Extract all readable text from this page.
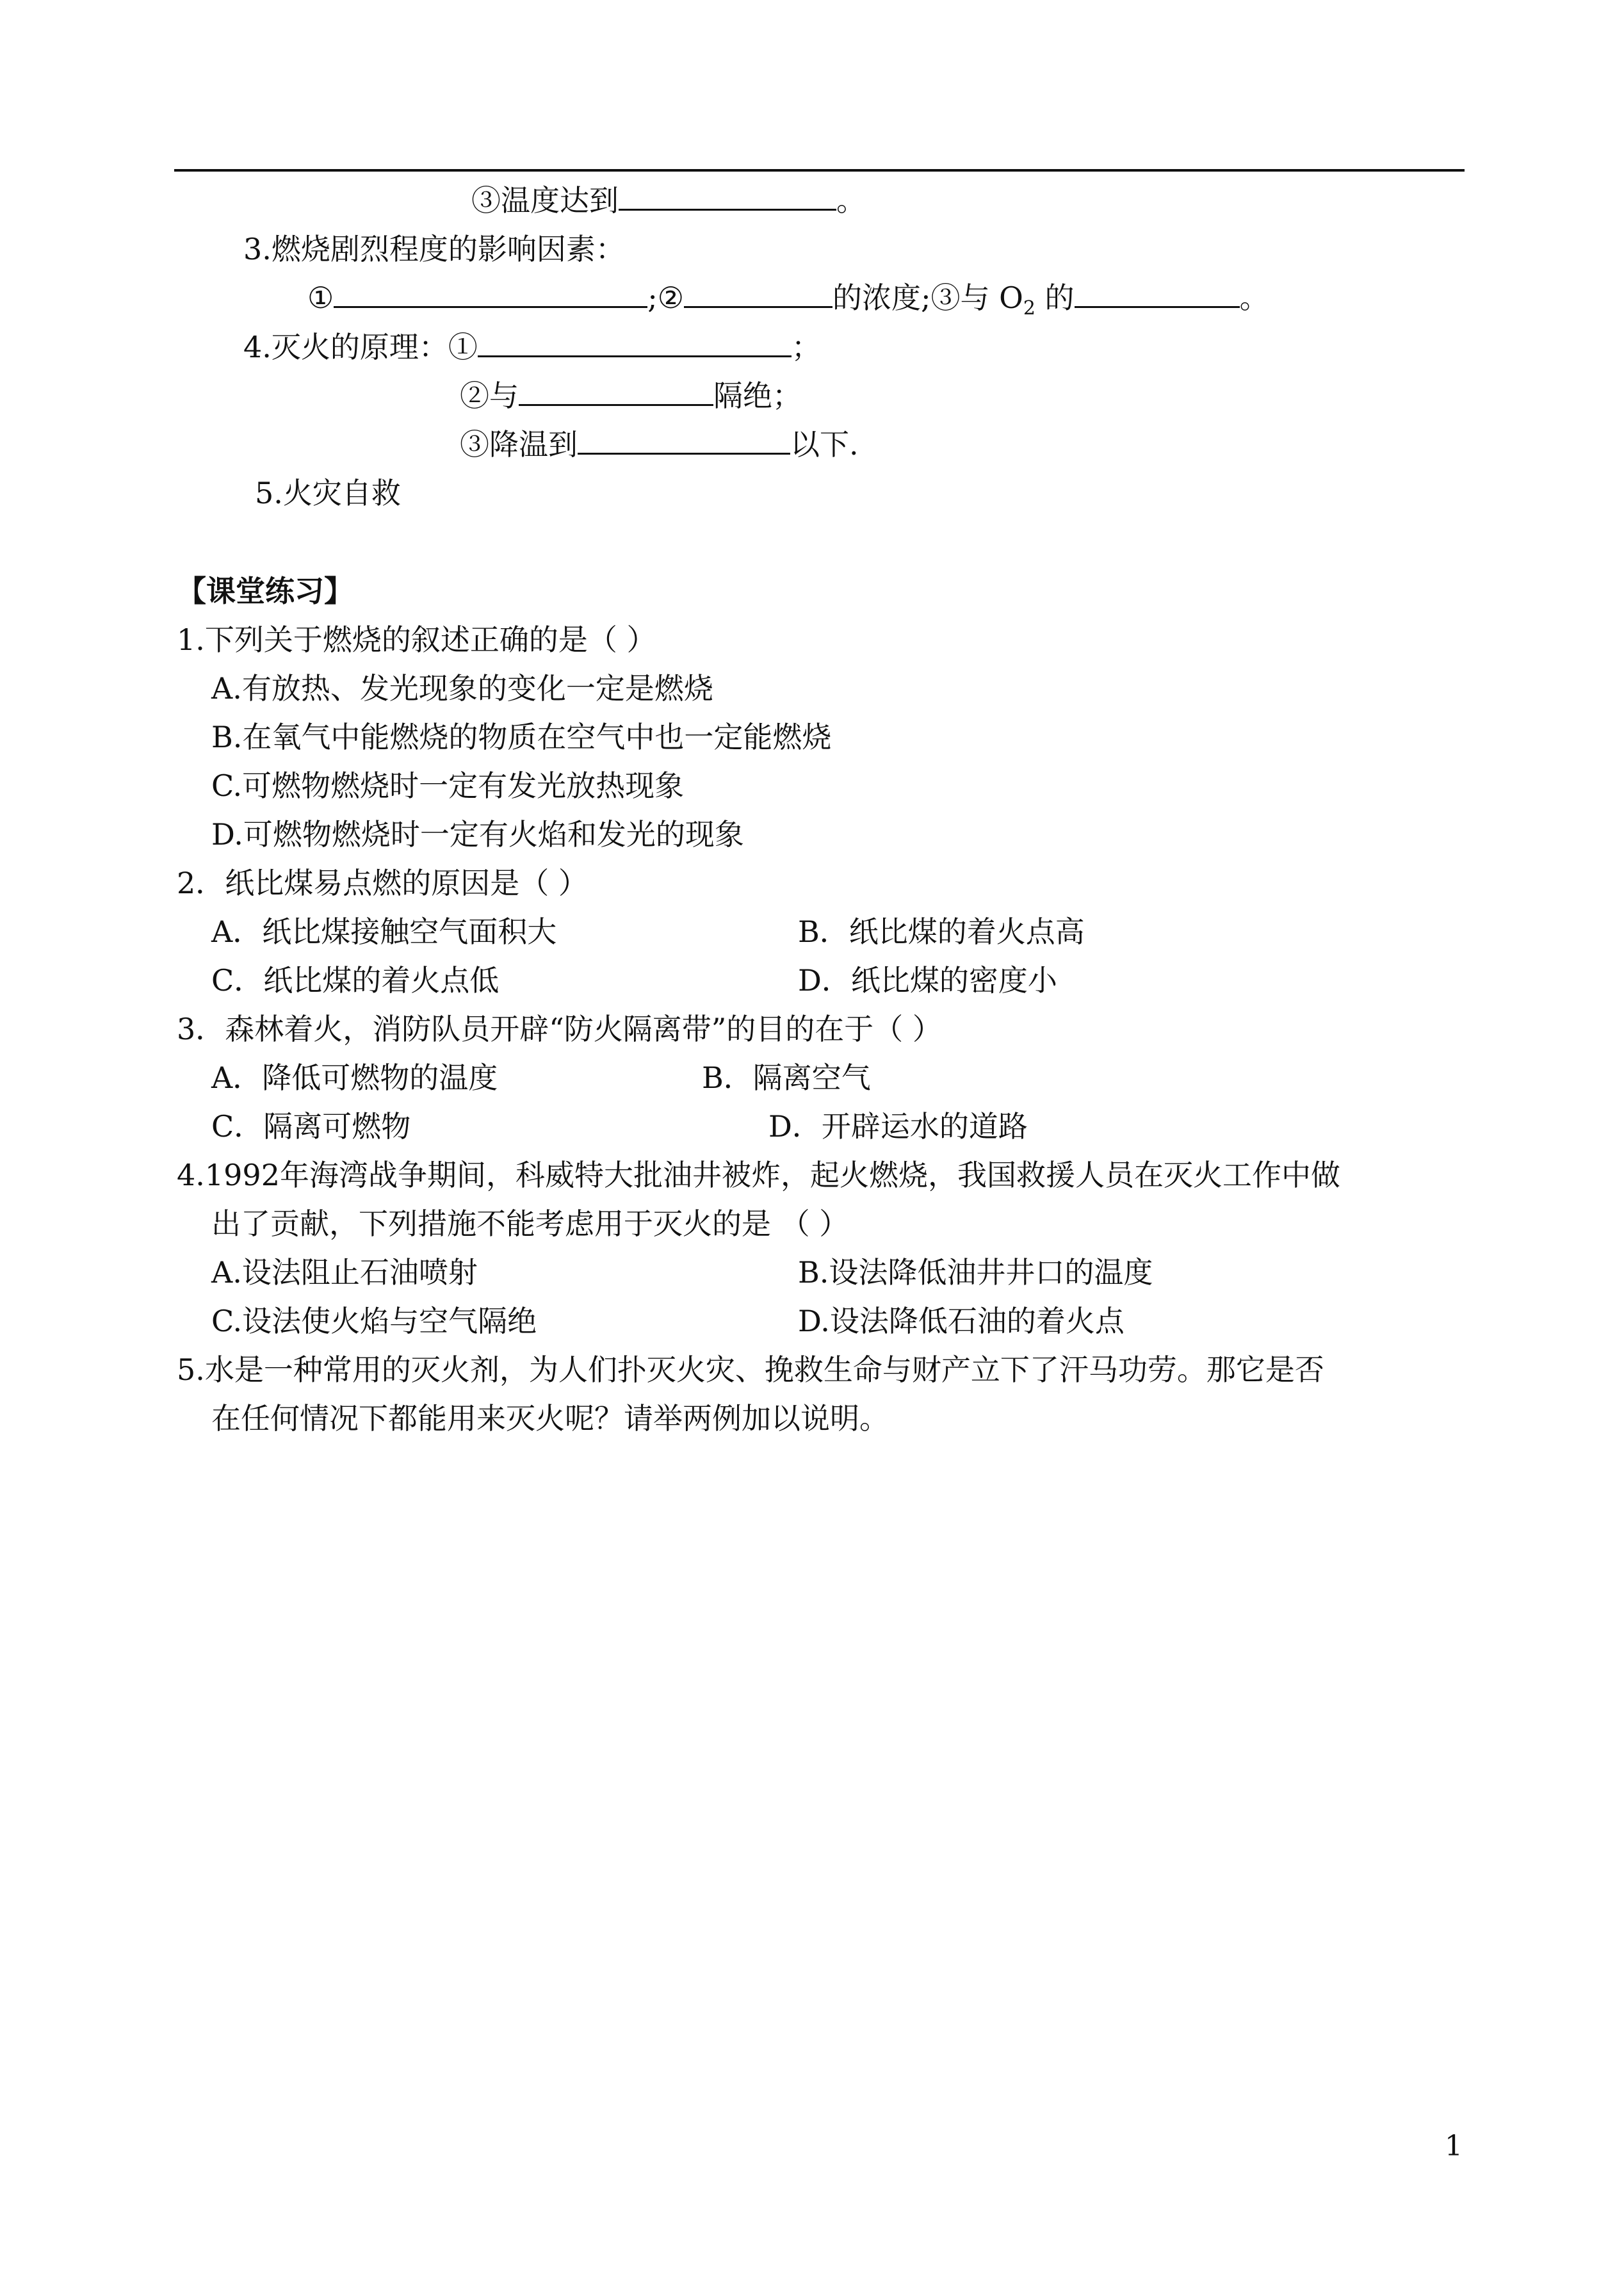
③温度达到	。
3.燃烧剧烈程度的影响因素：
①	;②	的浓度;③与 $O_2$ 的	。
4.灭火的原理：①	；
②与	隔绝；
③降温到	以下.
5.火灾自救
【课堂练习】
1.下列关于燃烧的叙述正确的是（ ）
A.有放热、发光现象的变化一定是燃烧
B.在氧气中能燃烧的物质在空气中也一定能燃烧
C.可燃物燃烧时一定有发光放热现象
D.可燃物燃烧时一定有火焰和发光的现象
2．纸比煤易点燃的原因是（ ）
A．纸比煤接触空气面积大	B．纸比煤的着火点高
C．纸比煤的着火点低	D．纸比煤的密度小
3．森林着火，消防队员开辟“防火隔离带”的目的在于（ ）
A．降低可燃物的温度	B．隔离空气
C．隔离可燃物	D．开辟运水的道路
4.1992年海湾战争期间，科威特大批油井被炸，起火燃烧，我国救援人员在灭火工作中做
出了贡献，下列措施不能考虑用于灭火的是 （ ）
A.设法阻止石油喷射	B.设法降低油井井口的温度
C.设法使火焰与空气隔绝	D.设法降低石油的着火点
5.水是一种常用的灭火剂，为人们扑灭火灾、挽救生命与财产立下了汗马功劳。那它是否
在任何情况下都能用来灭火呢？请举两例加以说明。
1
